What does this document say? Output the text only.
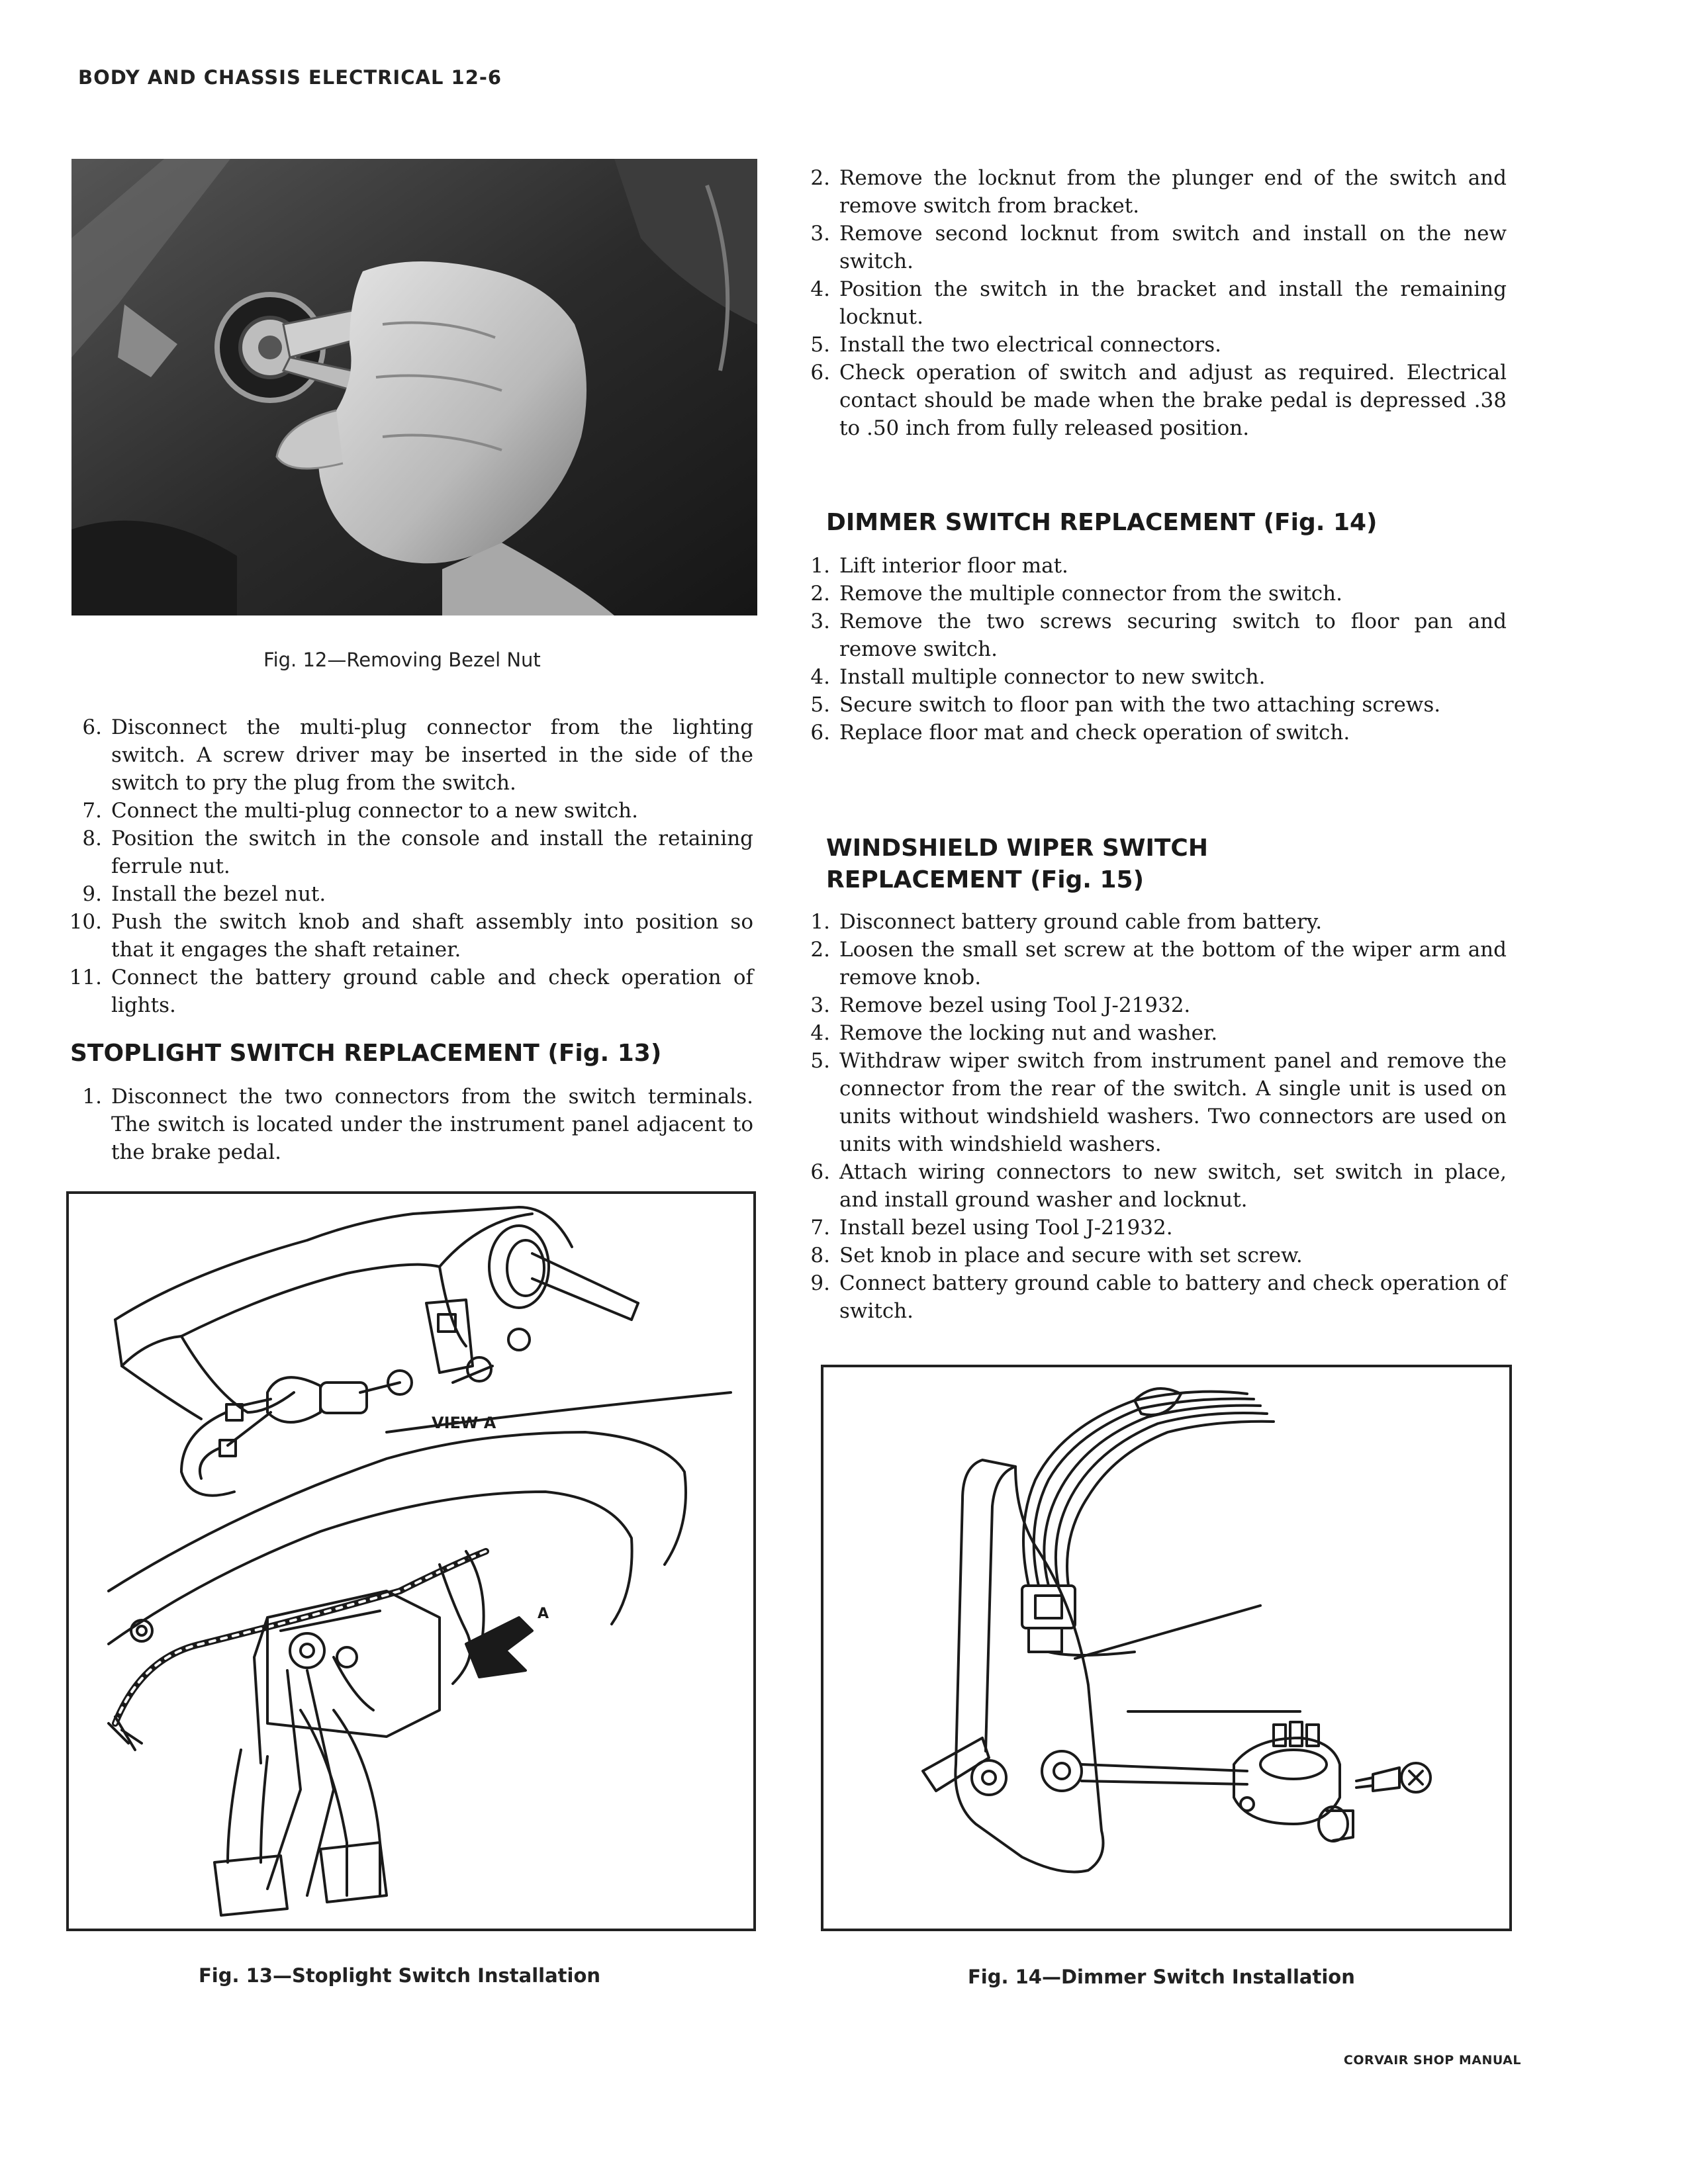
BODY AND CHASSIS ELECTRICAL 12-6
Fig. 12—Removing Bezel Nut
6. Disconnect the multi-plug connector from the lighting switch. A screw driver may be inserted in the side of the switch to pry the plug from the switch.
7. Connect the multi-plug connector to a new switch.
8. Position the switch in the console and install the retaining ferrule nut.
9. Install the bezel nut.
10. Push the switch knob and shaft assembly into position so that it engages the shaft retainer.
11. Connect the battery ground cable and check operation of lights.
STOPLIGHT SWITCH REPLACEMENT (Fig. 13)
1. Disconnect the two connectors from the switch terminals. The switch is located under the instrument panel adjacent to the brake pedal.
VIEW A
A
Fig. 13—Stoplight Switch Installation
2. Remove the locknut from the plunger end of the switch and remove switch from bracket.
3. Remove second locknut from switch and install on the new switch.
4. Position the switch in the bracket and install the remaining locknut.
5. Install the two electrical connectors.
6. Check operation of switch and adjust as required. Electrical contact should be made when the brake pedal is depressed .38 to .50 inch from fully released position.
DIMMER SWITCH REPLACEMENT (Fig. 14)
1. Lift interior floor mat.
2. Remove the multiple connector from the switch.
3. Remove the two screws securing switch to floor pan and remove switch.
4. Install multiple connector to new switch.
5. Secure switch to floor pan with the two attaching screws.
6. Replace floor mat and check operation of switch.
WINDSHIELD WIPER SWITCH
REPLACEMENT (Fig. 15)
1. Disconnect battery ground cable from battery.
2. Loosen the small set screw at the bottom of the wiper arm and remove knob.
3. Remove bezel using Tool J-21932.
4. Remove the locking nut and washer.
5. Withdraw wiper switch from instrument panel and remove the connector from the rear of the switch. A single unit is used on units without windshield washers. Two connectors are used on units with windshield washers.
6. Attach wiring connectors to new switch, set switch in place, and install ground washer and locknut.
7. Install bezel using Tool J-21932.
8. Set knob in place and secure with set screw.
9. Connect battery ground cable to battery and check operation of switch.
Fig. 14—Dimmer Switch Installation
CORVAIR SHOP MANUAL
